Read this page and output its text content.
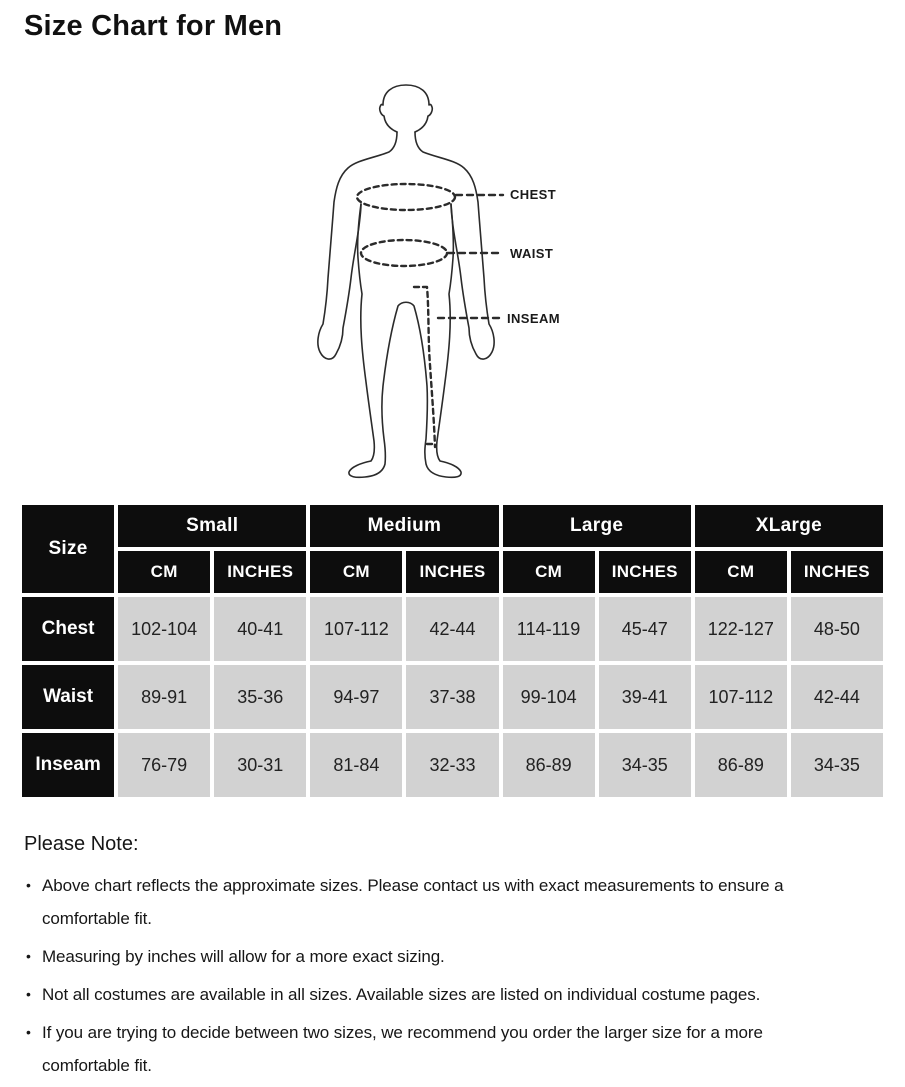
Size Chart for Men
CHEST
WAIST
INSEAM
Size	Small		Medium		Large		XLarge	
	CM	INCHES	CM	INCHES	CM	INCHES	CM	INCHES
Chest	102-104	40-41	107-112	42-44	114-119	45-47	122-127	48-50
Waist	89-91	35-36	94-97	37-38	99-104	39-41	107-112	42-44
Inseam	76-79	30-31	81-84	32-33	86-89	34-35	86-89	34-35
Please Note:
• Above chart reflects the approximate sizes. Please contact us with exact measurements to ensure a comfortable fit.
• Measuring by inches will allow for a more exact sizing.
• Not all costumes are available in all sizes. Available sizes are listed on individual costume pages.
• If you are trying to decide between two sizes, we recommend you order the larger size for a more comfortable fit.
